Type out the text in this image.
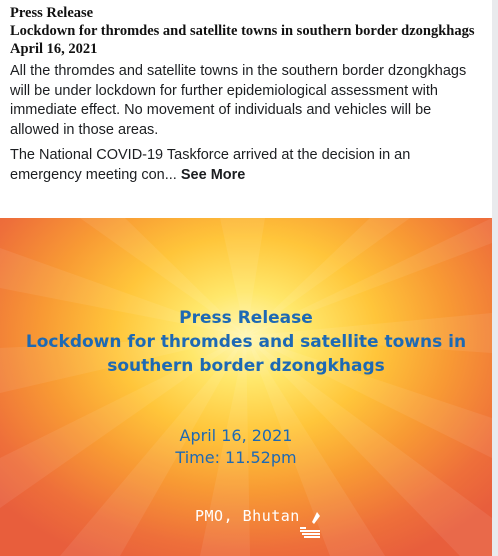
Press Release
Lockdown for thromdes and satellite towns in southern border dzongkhags
April 16, 2021

All the thromdes and satellite towns in the southern border dzongkhags will be under lockdown for further epidemiological assessment with immediate effect. No movement of individuals and vehicles will be allowed in those areas.

The National COVID-19 Taskforce arrived at the decision in an emergency meeting con... See More

Press Release
Lockdown for thromdes and satellite towns in
southern border dzongkhags
April 16, 2021
Time: 11.52pm
PMO, Bhutan
